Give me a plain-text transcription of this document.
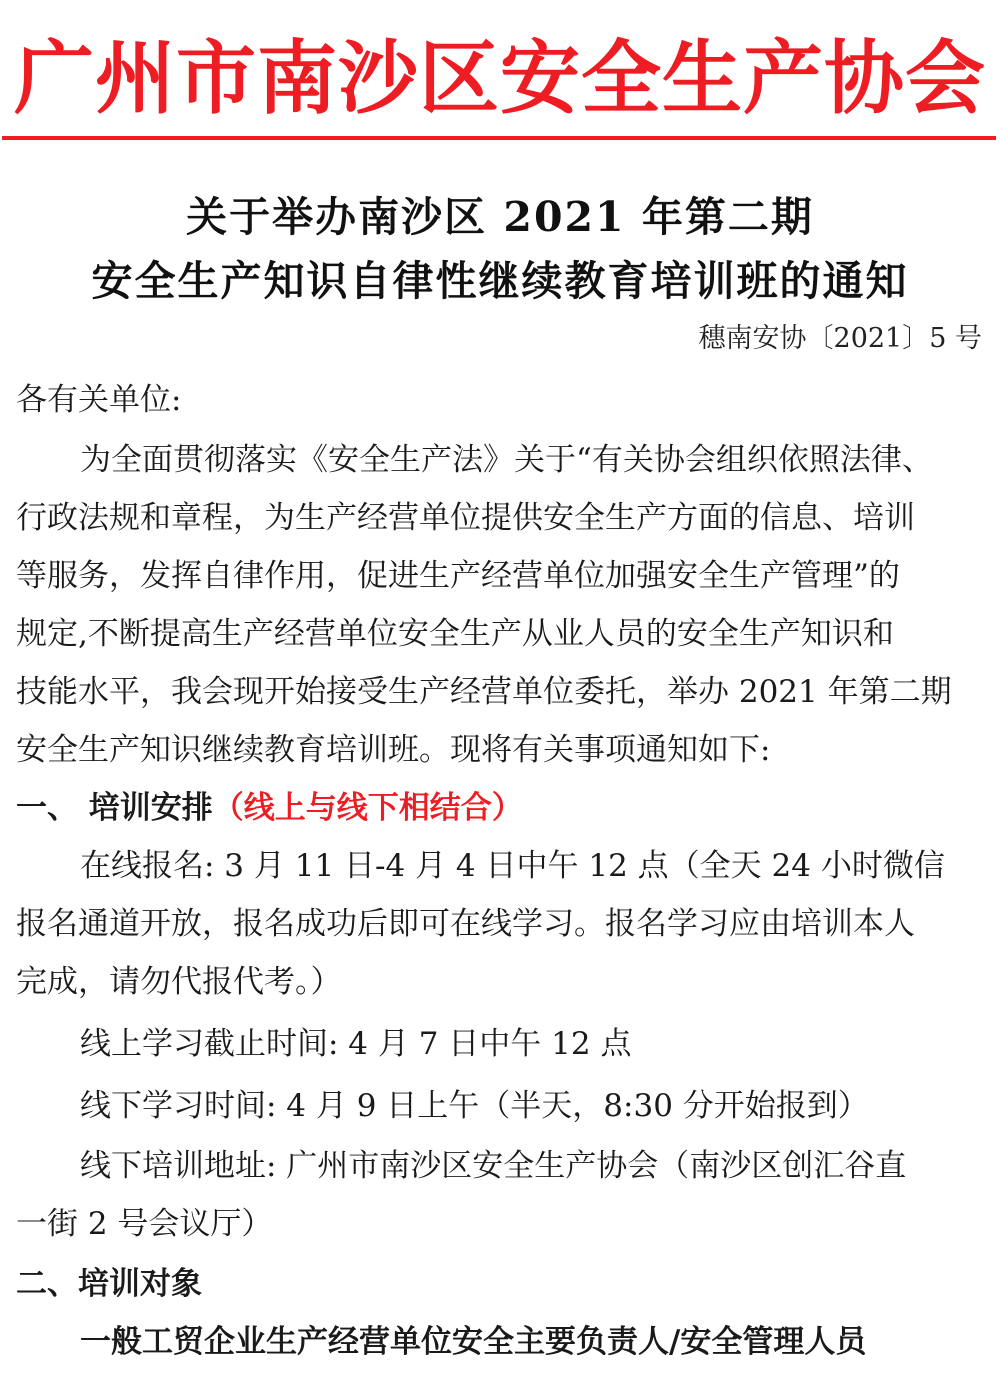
广州市南沙区安全生产协会
关于举办南沙区 2021 年第二期
安全生产知识自律性继续教育培训班的通知
穗南安协〔2021〕5 号
各有关单位:
为全面贯彻落实《安全生产法》关于“有关协会组织依照法律、
行政法规和章程，为生产经营单位提供安全生产方面的信息、培训
等服务，发挥自律作用，促进生产经营单位加强安全生产管理”的
规定,不断提高生产经营单位安全生产从业人员的安全生产知识和
技能水平，我会现开始接受生产经营单位委托，举办 2021 年第二期
安全生产知识继续教育培训班。现将有关事项通知如下:
一、 培训安排（线上与线下相结合）
在线报名: 3 月 11 日-4 月 4 日中午 12 点（全天 24 小时微信
报名通道开放，报名成功后即可在线学习。报名学习应由培训本人
完成，请勿代报代考。）
线上学习截止时间: 4 月 7 日中午 12 点
线下学习时间: 4 月 9 日上午（半天，8:30 分开始报到）
线下培训地址: 广州市南沙区安全生产协会（南沙区创汇谷直
一街 2 号会议厅）
二、培训对象
一般工贸企业生产经营单位安全主要负责人/安全管理人员
